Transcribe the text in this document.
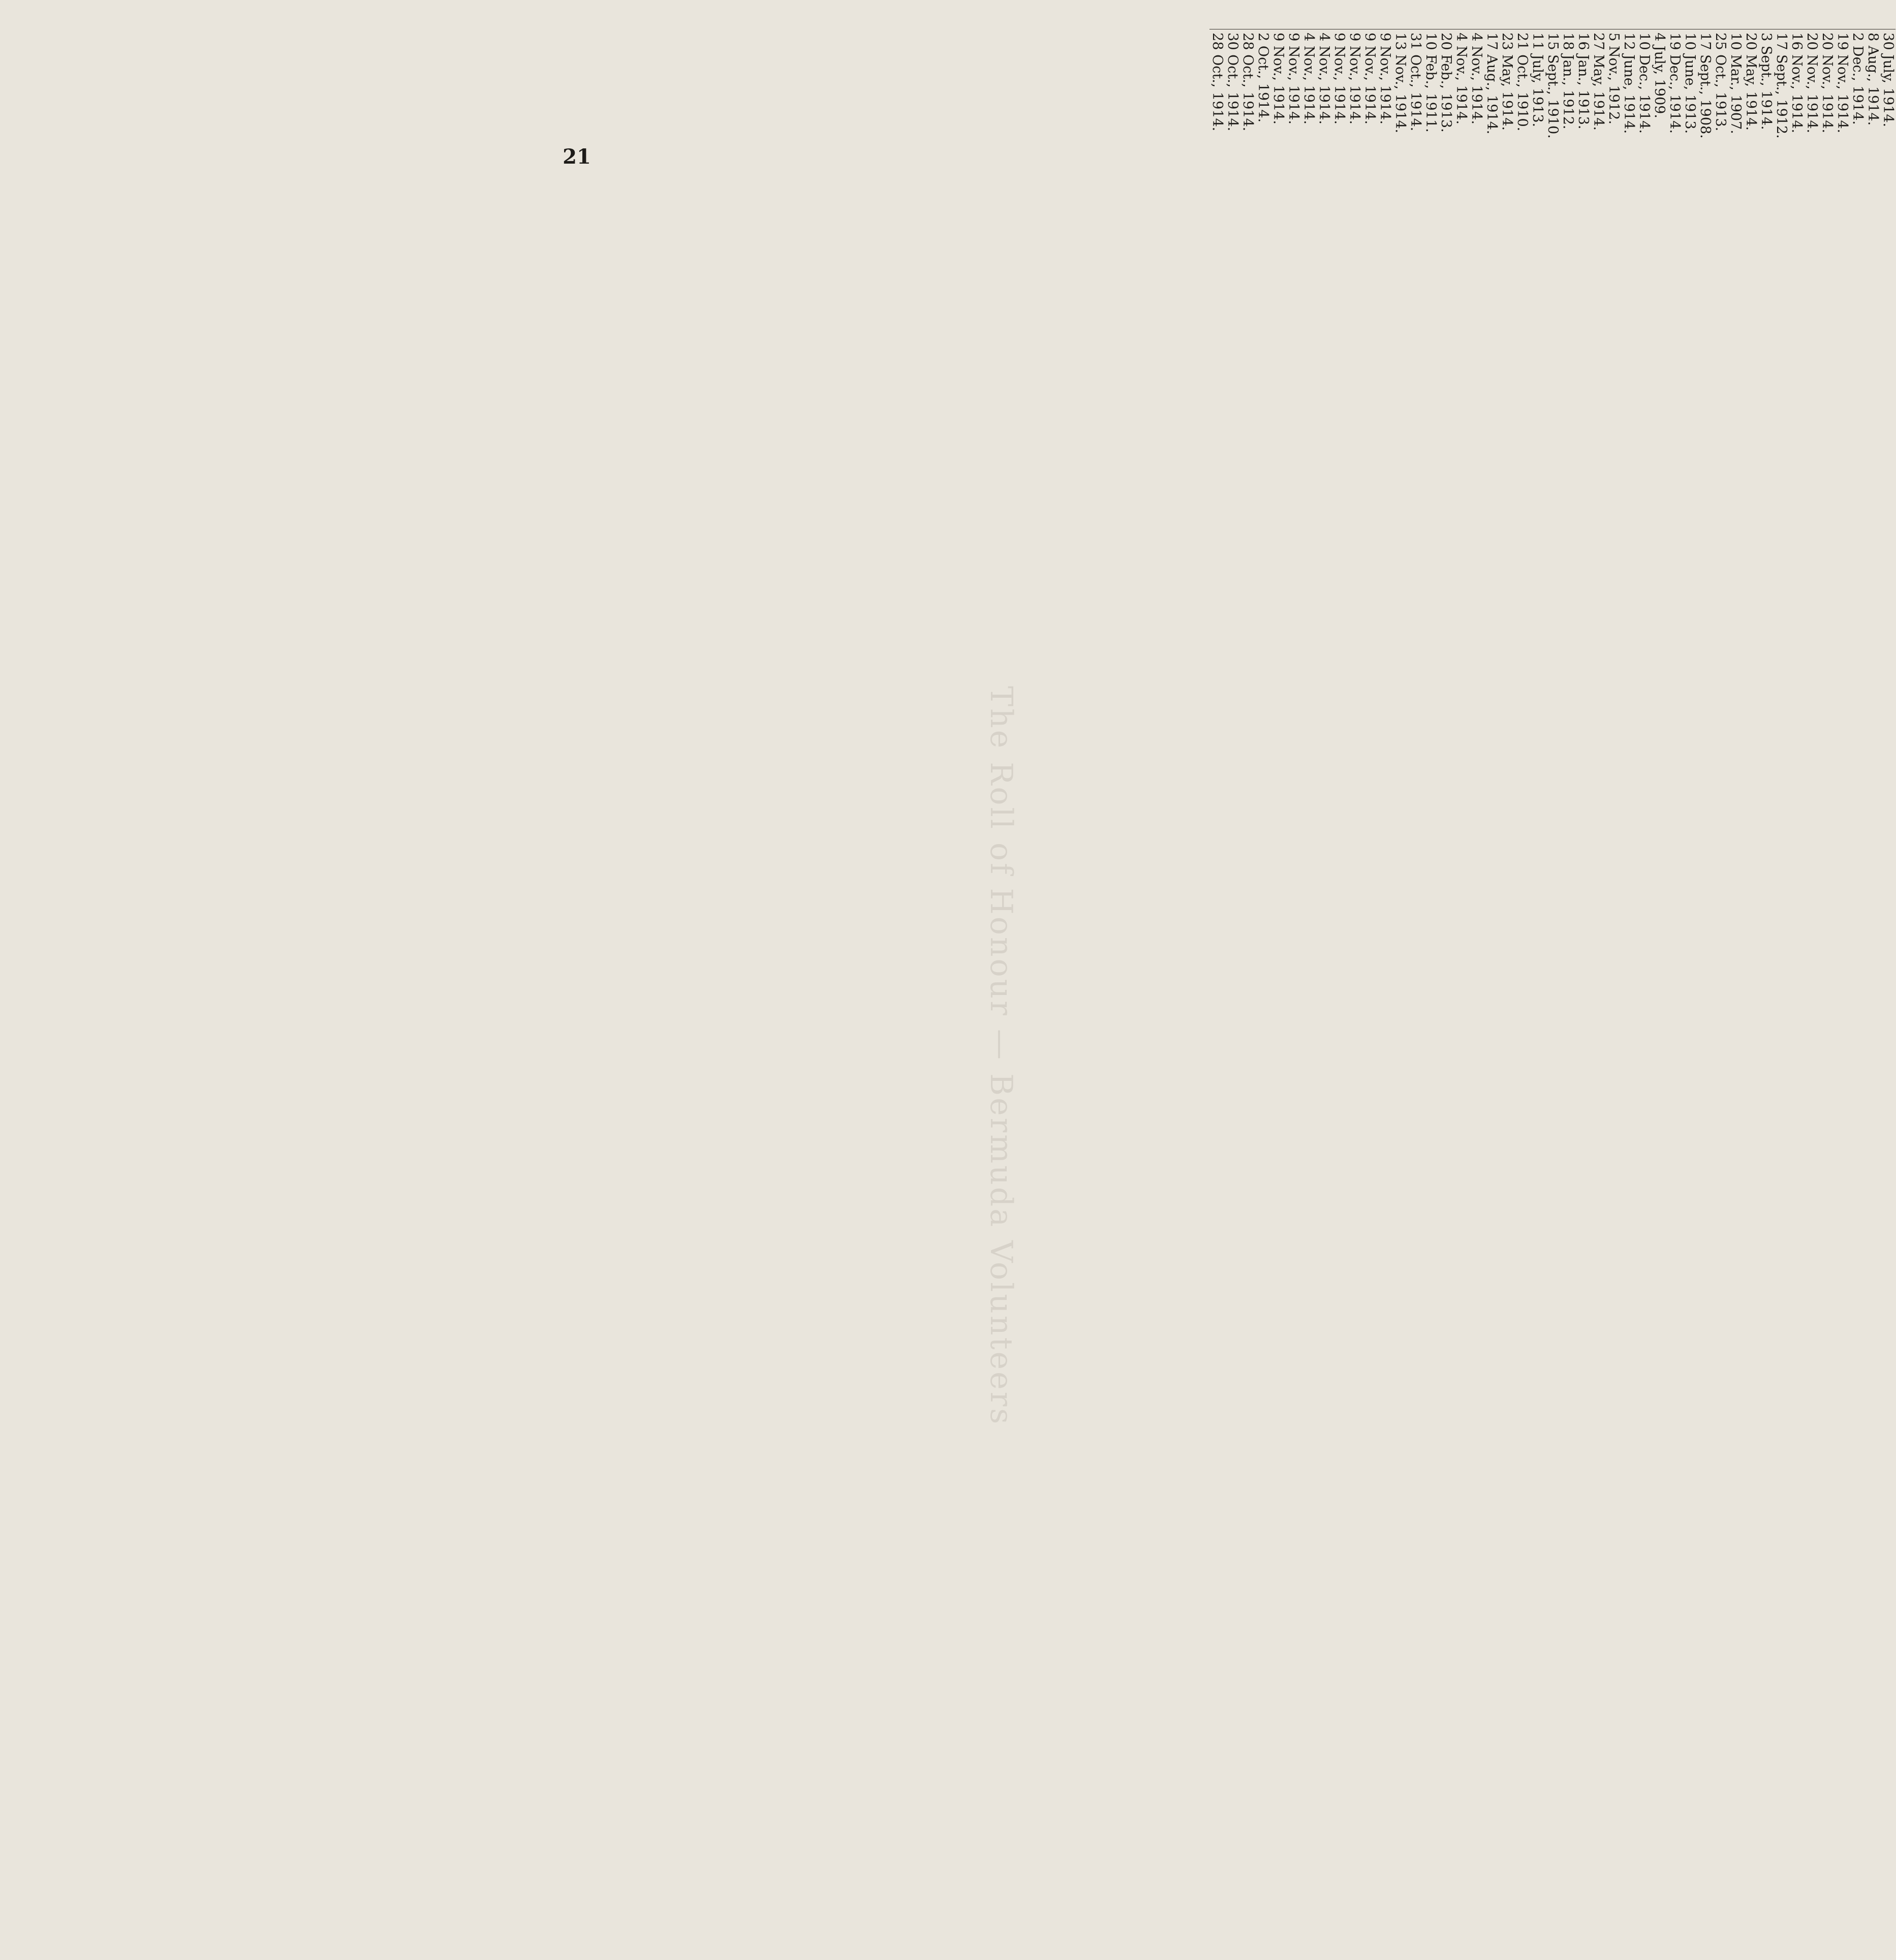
21
The Roll of Honour — Bermuda Volunteers
								30 July, 1914.
								8 Aug., 1914.
								2 Dec., 1914.
								19 Nov., 1914.
								20 Nov., 1914.
								20 Nov., 1914.
								16 Nov., 1914.
								17 Sept., 1912.
								3 Sept., 1914.
								20 May, 1914.
								10 Mar., 1907.
								25 Oct., 1913.
								17 Sept., 1908.
								10 June, 1913.
								19 Dec., 1914.
								4 July, 1909.
								10 Dec., 1914.
								12 June, 1914.
								5 Nov., 1912.
								27 May, 1914.
								16 Jan., 1913.
								18 Jan., 1912.
								15 Sept., 1910.
								11 July, 1913.
								21 Oct., 1910.
								23 May, 1914.
								17 Aug., 1914.
								4 Nov., 1914.
								4 Nov., 1914.
								20 Feb., 1913.
								10 Feb., 1911.
								31 Oct., 1914.
								13 Nov., 1914.
								9 Nov., 1914.
								9 Nov., 1914.
								9 Nov., 1914.
								9 Nov., 1914.
								4 Nov., 1914.
								4 Nov., 1914.
								9 Nov., 1914.
								9 Nov., 1914.
								2 Oct., 1914.
								28 Oct., 1914.
								30 Oct., 1914.
								28 Oct., 1914.
